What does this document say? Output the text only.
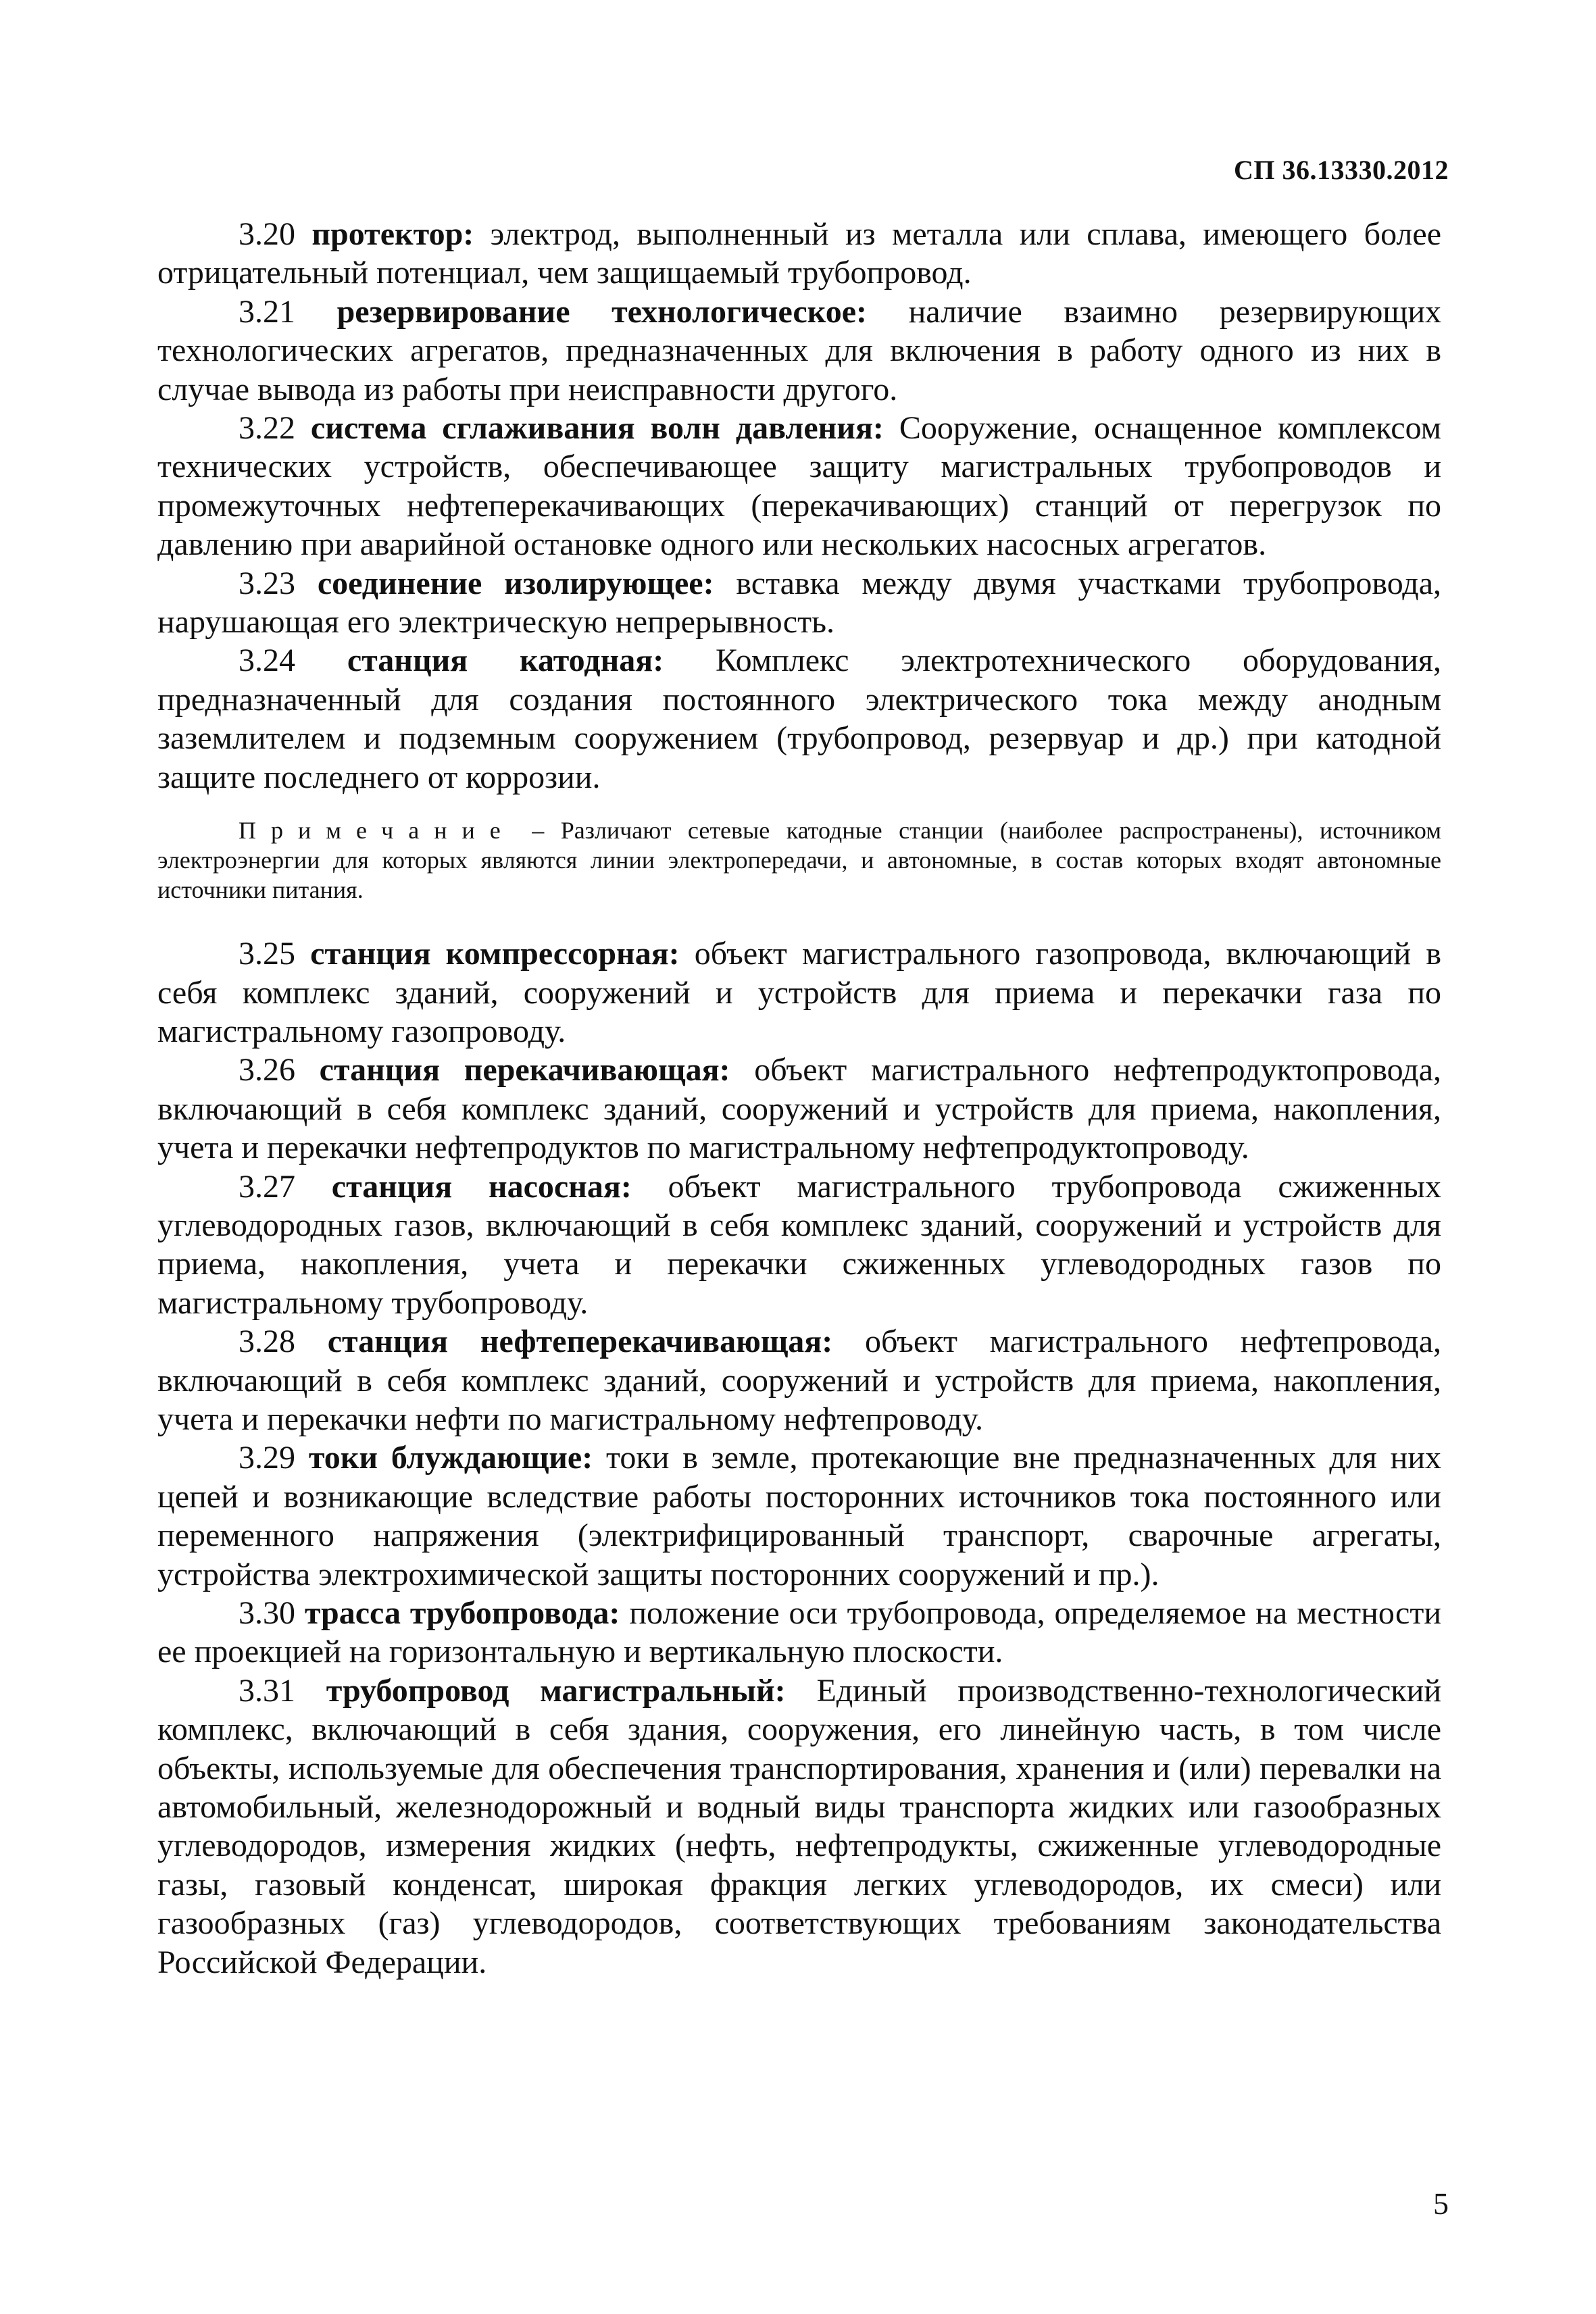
СП 36.13330.2012

3.20 протектор: электрод, выполненный из металла или сплава, имеющего более отрицательный потенциал, чем защищаемый трубопровод.

3.21 резервирование технологическое: наличие взаимно резервирующих технологических агрегатов, предназначенных для включения в работу одного из них в случае вывода из работы при неисправности другого.

3.22 система сглаживания волн давления: Сооружение, оснащенное комплексом технических устройств, обеспечивающее защиту магистральных трубопроводов и промежуточных нефтеперекачивающих (перекачивающих) станций от перегрузок по давлению при аварийной остановке одного или нескольких насосных агрегатов.

3.23 соединение изолирующее: вставка между двумя участками трубопровода, нарушающая его электрическую непрерывность.

3.24 станция катодная: Комплекс электротехнического оборудования, предназначенный для создания постоянного электрического тока между анодным заземлителем и подземным сооружением (трубопровод, резервуар и др.) при катодной защите последнего от коррозии.

Примечание – Различают сетевые катодные станции (наиболее распространены), источником электроэнергии для которых являются линии электропередачи, и автономные, в состав которых входят автономные источники питания.

3.25 станция компрессорная: объект магистрального газопровода, включающий в себя комплекс зданий, сооружений и устройств для приема и перекачки газа по магистральному газопроводу.

3.26 станция перекачивающая: объект магистрального нефтепродуктопровода, включающий в себя комплекс зданий, сооружений и устройств для приема, накопления, учета и перекачки нефтепродуктов по магистральному нефтепродуктопроводу.

3.27 станция насосная: объект магистрального трубопровода сжиженных углеводородных газов, включающий в себя комплекс зданий, сооружений и устройств для приема, накопления, учета и перекачки сжиженных углеводородных газов по магистральному трубопроводу.

3.28 станция нефтеперекачивающая: объект магистрального нефтепровода, включающий в себя комплекс зданий, сооружений и устройств для приема, накопления, учета и перекачки нефти по магистральному нефтепроводу.

3.29 токи блуждающие: токи в земле, протекающие вне предназначенных для них цепей и возникающие вследствие работы посторонних источников тока постоянного или переменного напряжения (электрифицированный транспорт, сварочные агрегаты, устройства электрохимической защиты посторонних сооружений и пр.).

3.30 трасса трубопровода: положение оси трубопровода, определяемое на местности ее проекцией на горизонтальную и вертикальную плоскости.

3.31 трубопровод магистральный: Единый производственно-технологический комплекс, включающий в себя здания, сооружения, его линейную часть, в том числе объекты, используемые для обеспечения транспортирования, хранения и (или) перевалки на автомобильный, железнодорожный и водный виды транспорта жидких или газообразных углеводородов, измерения жидких (нефть, нефтепродукты, сжиженные углеводородные газы, газовый конденсат, широкая фракция легких углеводородов, их смеси) или газообразных (газ) углеводородов, соответствующих требованиям законодательства Российской Федерации.

5
